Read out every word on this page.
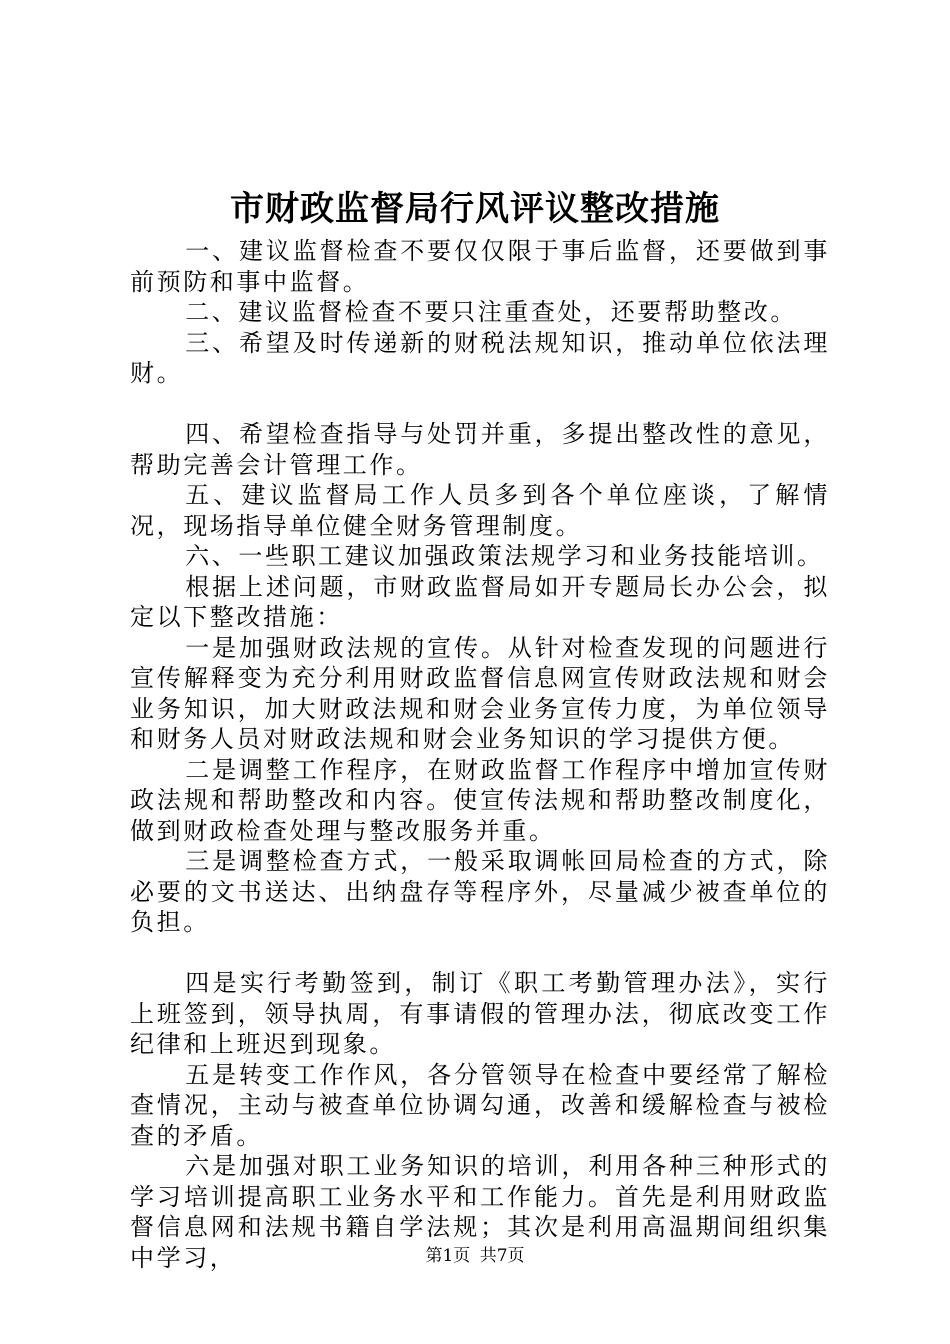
市财政监督局行风评议整改措施

一、建议监督检查不要仅仅限于事后监督，还要做到事前预防和事中监督。

二、建议监督检查不要只注重查处，还要帮助整改。

三、希望及时传递新的财税法规知识，推动单位依法理财。

四、希望检查指导与处罚并重，多提出整改性的意见，帮助完善会计管理工作。

五、建议监督局工作人员多到各个单位座谈，了解情况，现场指导单位健全财务管理制度。

六、一些职工建议加强政策法规学习和业务技能培训。

根据上述问题，市财政监督局如开专题局长办公会，拟定以下整改措施：

一是加强财政法规的宣传。从针对检查发现的问题进行宣传解释变为充分利用财政监督信息网宣传财政法规和财会业务知识，加大财政法规和财会业务宣传力度，为单位领导和财务人员对财政法规和财会业务知识的学习提供方便。

二是调整工作程序，在财政监督工作程序中增加宣传财政法规和帮助整改和内容。使宣传法规和帮助整改制度化，做到财政检查处理与整改服务并重。

三是调整检查方式，一般采取调帐回局检查的方式，除必要的文书送达、出纳盘存等程序外，尽量减少被查单位的负担。

四是实行考勤签到，制订《职工考勤管理办法》，实行上班签到，领导执周，有事请假的管理办法，彻底改变工作纪律和上班迟到现象。

五是转变工作作风，各分管领导在检查中要经常了解检查情况，主动与被查单位协调勾通，改善和缓解检查与被检查的矛盾。

六是加强对职工业务知识的培训，利用各种三种形式的学习培训提高职工业务水平和工作能力。首先是利用财政监督信息网和法规书籍自学法规；其次是利用高温期间组织集中学习，	第1页 共7页
